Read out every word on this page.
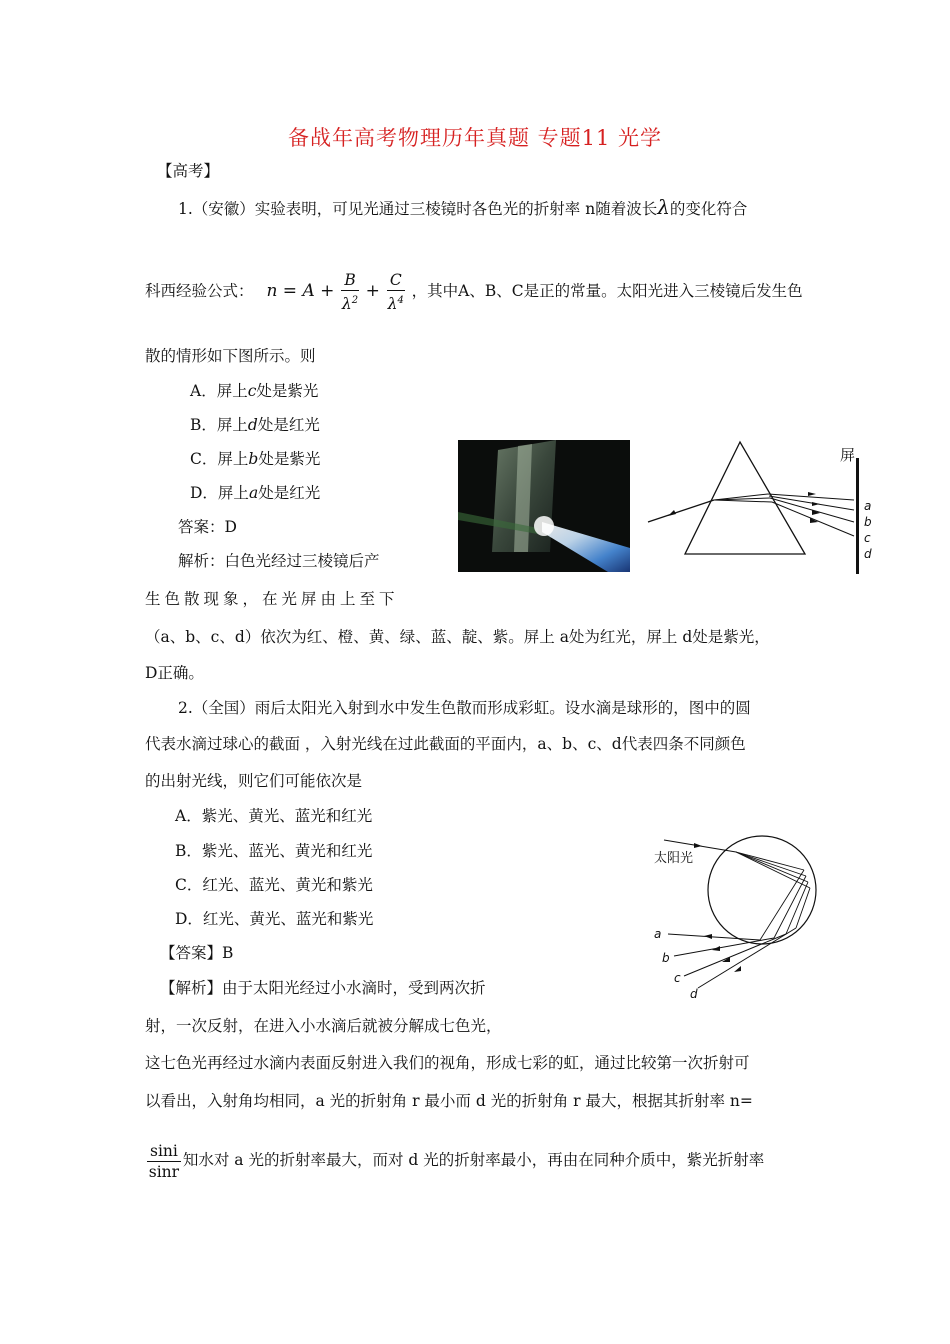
备战年高考物理历年真题 专题11 光学
【高考】
1.（安徽）实验表明，可见光通过三棱镜时各色光的折射率 n随着波长λ的变化符合
科西经验公式： $n = A + \frac{B}{\lambda^2} + \frac{C}{\lambda^4}$ ，其中A、B、C是正的常量。太阳光进入三棱镜后发生色
散的情形如下图所示。则
A．屏上c处是紫光
B．屏上d处是红光
C．屏上b处是紫光
D．屏上a处是红光
答案：D
解析：白色光经过三棱镜后产
生色散现象，在光屏由上至下
（a、b、c、d）依次为红、橙、黄、绿、蓝、靛、紫。屏上 a处为红光，屏上 d处是紫光，
D正确。
屏
a
b
c
d
2.（全国）雨后太阳光入射到水中发生色散而形成彩虹。设水滴是球形的，图中的圆
代表水滴过球心的截面 ，入射光线在过此截面的平面内，a、b、c、d代表四条不同颜色
的出射光线，则它们可能依次是
A．紫光、黄光、蓝光和红光
B．紫光、蓝光、黄光和红光
C．红光、蓝光、黄光和紫光
D．红光、黄光、蓝光和紫光
【答案】B
【解析】由于太阳光经过小水滴时，受到两次折
射，一次反射，在进入小水滴后就被分解成七色光，
这七色光再经过水滴内表面反射进入我们的视角，形成七彩的虹，通过比较第一次折射可
以看出，入射角均相同，a 光的折射角 r 最小而 d 光的折射角 r 最大，根据其折射率 n=
$\frac{\sin i}{\sin r}$ 知水对 a 光的折射率最大，而对 d 光的折射率最小，再由在同种介质中，紫光折射率
太阳光
a
b
c
d
